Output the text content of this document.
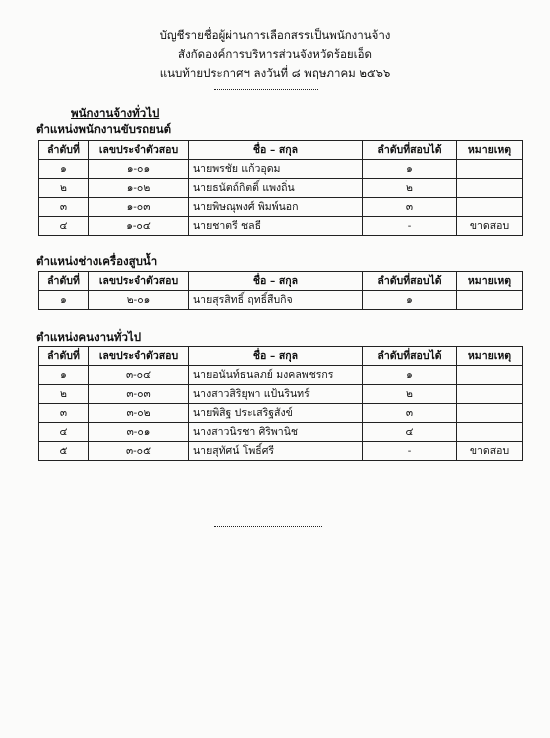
บัญชีรายชื่อผู้ผ่านการเลือกสรรเป็นพนักงานจ้าง
สังกัดองค์การบริหารส่วนจังหวัดร้อยเอ็ด
แนบท้ายประกาศฯ ลงวันที่ ๘ พฤษภาคม ๒๕๖๖
พนักงานจ้างทั่วไป
ตำแหน่งพนักงานขับรถยนต์
ลำดับที่	เลขประจำตัวสอบ	ชื่อ – สกุล	ลำดับที่สอบได้	หมายเหตุ
๑	๑-๐๑	นายพรชัย แก้วอุดม	๑	
๒	๑-๐๒	นายธนัตถ์กิตติ์ แพงถิ่น	๒	
๓	๑-๐๓	นายพิษณุพงศ์ พิมพ์นอก	๓	
๔	๑-๐๔	นายชาตรี ชลธี	-	ขาดสอบ
ตำแหน่งช่างเครื่องสูบน้ำ
ลำดับที่	เลขประจำตัวสอบ	ชื่อ – สกุล	ลำดับที่สอบได้	หมายเหตุ
๑	๒-๐๑	นายสุรสิทธิ์ ฤทธิ์สืบกิจ	๑	
ตำแหน่งคนงานทั่วไป
ลำดับที่	เลขประจำตัวสอบ	ชื่อ – สกุล	ลำดับที่สอบได้	หมายเหตุ
๑	๓-๐๔	นายอนันท์ธนลภย์ มงคลพชรกร	๑	
๒	๓-๐๓	นางสาวสิริยุพา แป้นรินทร์	๒	
๓	๓-๐๒	นายพิสิฐ ประเสริฐสังข์	๓	
๔	๓-๐๑	นางสาวนิรชา ศิริพานิช	๔	
๕	๓-๐๕	นายสุทัศน์ โพธิ์ศรี	-	ขาดสอบ
